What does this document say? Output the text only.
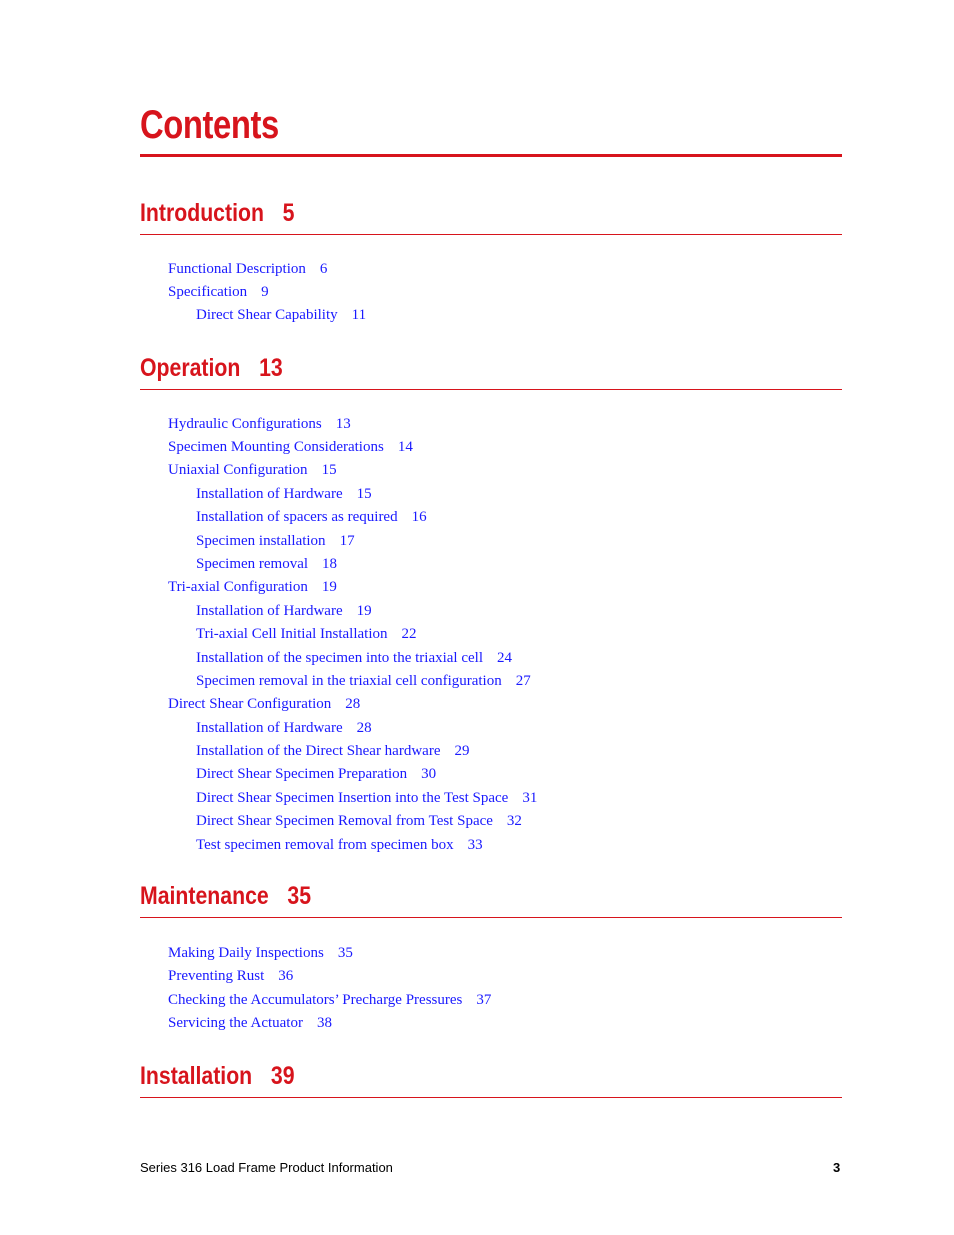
Contents
Introduction 5
Functional Description 6
Specification 9
Direct Shear Capability 11
Operation 13
Hydraulic Configurations 13
Specimen Mounting Considerations 14
Uniaxial Configuration 15
Installation of Hardware 15
Installation of spacers as required 16
Specimen installation 17
Specimen removal 18
Tri-axial Configuration 19
Installation of Hardware 19
Tri-axial Cell Initial Installation 22
Installation of the specimen into the triaxial cell 24
Specimen removal in the triaxial cell configuration 27
Direct Shear Configuration 28
Installation of Hardware 28
Installation of the Direct Shear hardware 29
Direct Shear Specimen Preparation 30
Direct Shear Specimen Insertion into the Test Space 31
Direct Shear Specimen Removal from Test Space 32
Test specimen removal from specimen box 33
Maintenance 35
Making Daily Inspections 35
Preventing Rust 36
Checking the Accumulators’ Precharge Pressures 37
Servicing the Actuator 38
Installation 39
Series 316 Load Frame Product Information	3
